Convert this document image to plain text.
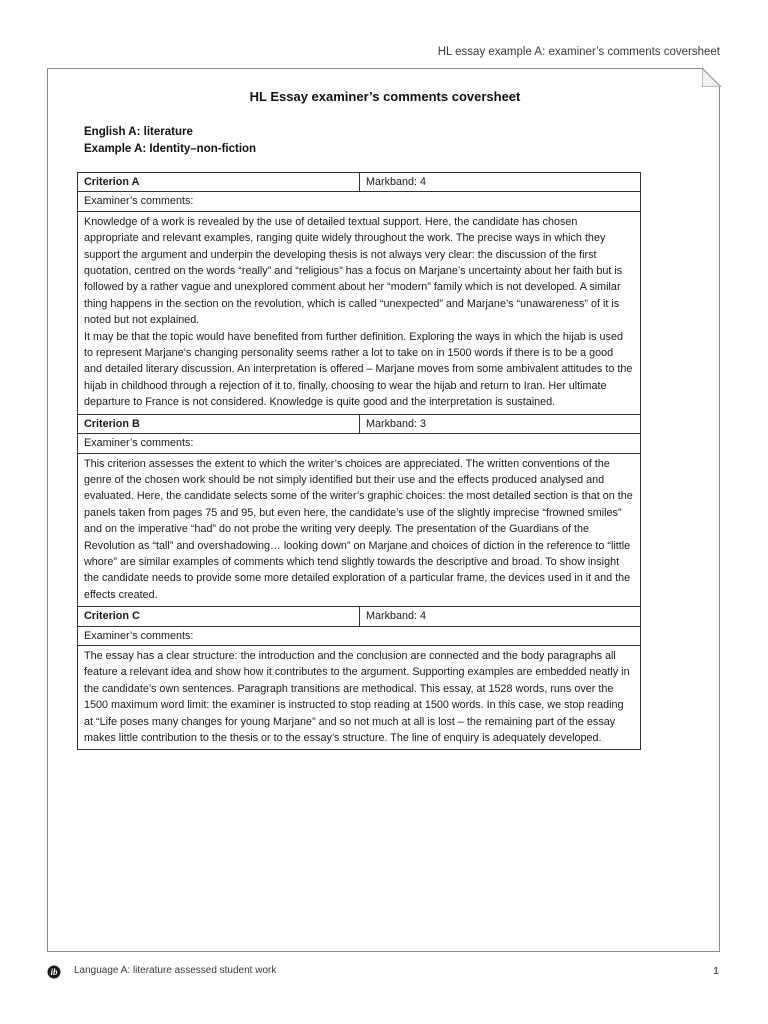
HL essay example A: examiner’s comments coversheet
HL Essay examiner’s comments coversheet
English A: literature
Example A: Identity–non-fiction
Criterion A	Markband: 4
Examiner’s comments:	

Knowledge of a work is revealed by the use of detailed textual support. Here, the candidate has chosen appropriate and relevant examples, ranging quite widely throughout the work. The precise ways in which they support the argument and underpin the developing thesis is not always very clear: the discussion of the first quotation, centred on the words “really” and “religious” has a focus on Marjane’s uncertainty about her faith but is followed by a rather vague and unexplored comment about her “modern” family which is not developed. A similar thing happens in the section on the revolution, which is called “unexpected” and Marjane’s “unawareness” of it is noted but not explained.
It may be that the topic would have benefited from further definition. Exploring the ways in which the hijab is used to represent Marjane’s changing personality seems rather a lot to take on in 1500 words if there is to be a good and detailed literary discussion. An interpretation is offered – Marjane moves from some ambivalent attitudes to the hijab in childhood through a rejection of it to, finally, choosing to wear the hijab and return to Iran. Her ultimate departure to France is not considered. Knowledge is quite good and the interpretation is sustained.	

Criterion B	Markband: 3
Examiner’s comments:	

This criterion assesses the extent to which the writer’s choices are appreciated. The written conventions of the genre of the chosen work should be not simply identified but their use and the effects produced analysed and evaluated. Here, the candidate selects some of the writer’s graphic choices: the most detailed section is that on the panels taken from pages 75 and 95, but even here, the candidate’s use of the slightly imprecise “frowned smiles” and on the imperative “had” do not probe the writing very deeply. The presentation of the Guardians of the Revolution as “tall” and overshadowing… looking down” on Marjane and choices of diction in the reference to “little whore” are similar examples of comments which tend slightly towards the descriptive and broad. To show insight the candidate needs to provide some more detailed exploration of a particular frame, the devices used in it and the effects created.	

Criterion C	Markband: 4
Examiner’s comments:	

The essay has a clear structure: the introduction and the conclusion are connected and the body paragraphs all feature a relevant idea and show how it contributes to the argument. Supporting examples are embedded neatly in the candidate’s own sentences. Paragraph transitions are methodical. This essay, at 1528 words, runs over the 1500 maximum word limit: the examiner is instructed to stop reading at 1500 words. In this case, we stop reading at “Life poses many changes for young Marjane” and so not much at all is lost – the remaining part of the essay makes little contribution to the thesis or to the essay’s structure. The line of enquiry is adequately developed.	
ib Language A: literature assessed student work	1
